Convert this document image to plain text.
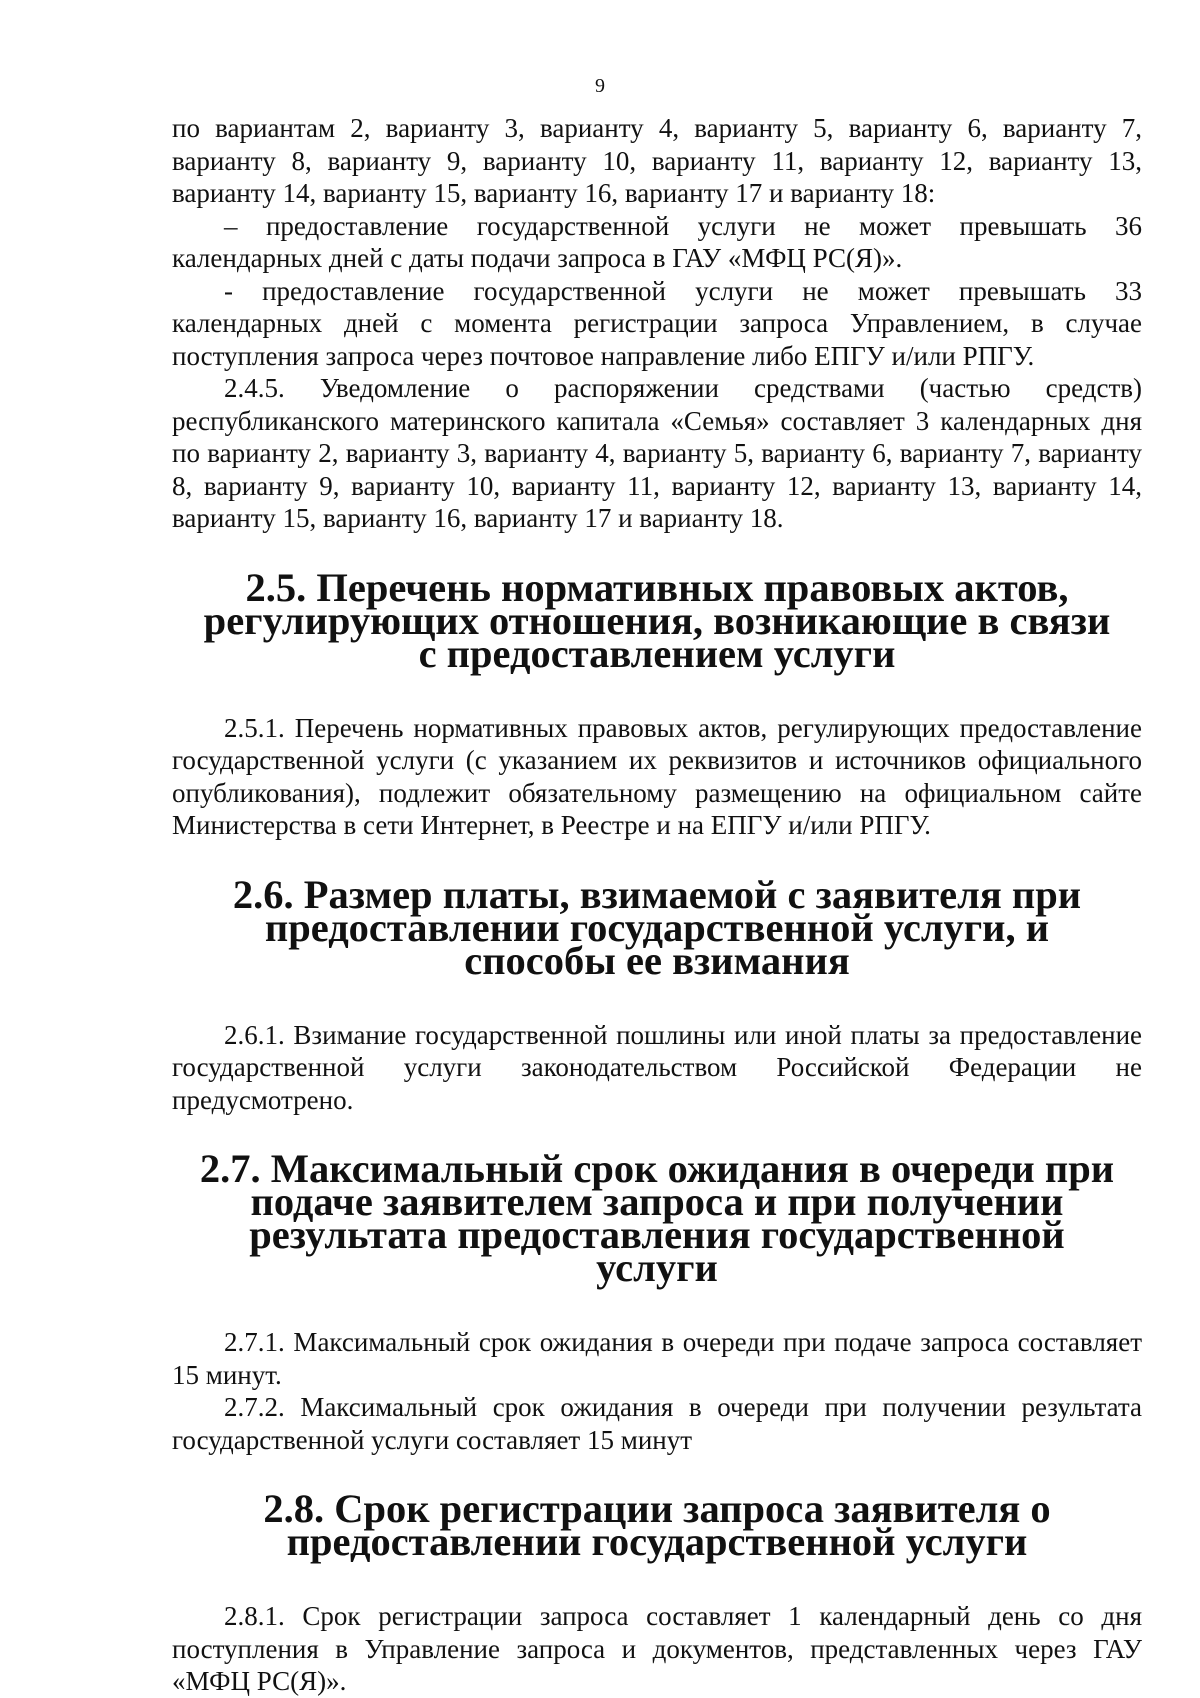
9

по вариантам 2, варианту 3, варианту 4, варианту 5, варианту 6, варианту 7, варианту 8, варианту 9, варианту 10, варианту 11, варианту 12, варианту 13, варианту 14, варианту 15, варианту 16, варианту 17 и варианту 18:

– предоставление государственной услуги не может превышать 36 календарных дней с даты подачи запроса в ГАУ «МФЦ РС(Я)».

- предоставление государственной услуги не может превышать 33 календарных дней с момента регистрации запроса Управлением, в случае поступления запроса через почтовое направление либо ЕПГУ и/или РПГУ.

2.4.5. Уведомление о распоряжении средствами (частью средств) республиканского материнского капитала «Семья» составляет 3 календарных дня по варианту 2, варианту 3, варианту 4, варианту 5, варианту 6, варианту 7, варианту 8, варианту 9, варианту 10, варианту 11, варианту 12, варианту 13, варианту 14, варианту 15, варианту 16, варианту 17 и варианту 18.

2.5. Перечень нормативных правовых актов, регулирующих отношения, возникающие в связи с предоставлением услуги

2.5.1. Перечень нормативных правовых актов, регулирующих предоставление государственной услуги (с указанием их реквизитов и источников официального опубликования), подлежит обязательному размещению на официальном сайте Министерства в сети Интернет, в Реестре и на ЕПГУ и/или РПГУ.

2.6. Размер платы, взимаемой с заявителя при предоставлении государственной услуги, и способы ее взимания

2.6.1. Взимание государственной пошлины или иной платы за предоставление государственной услуги законодательством Российской Федерации не предусмотрено.

2.7. Максимальный срок ожидания в очереди при подаче заявителем запроса и при получении результата предоставления государственной услуги

2.7.1. Максимальный срок ожидания в очереди при подаче запроса составляет 15 минут.

2.7.2. Максимальный срок ожидания в очереди при получении результата государственной услуги составляет 15 минут

2.8. Срок регистрации запроса заявителя о предоставлении государственной услуги

2.8.1. Срок регистрации запроса составляет 1 календарный день со дня поступления в Управление запроса и документов, представленных через ГАУ «МФЦ РС(Я)».
